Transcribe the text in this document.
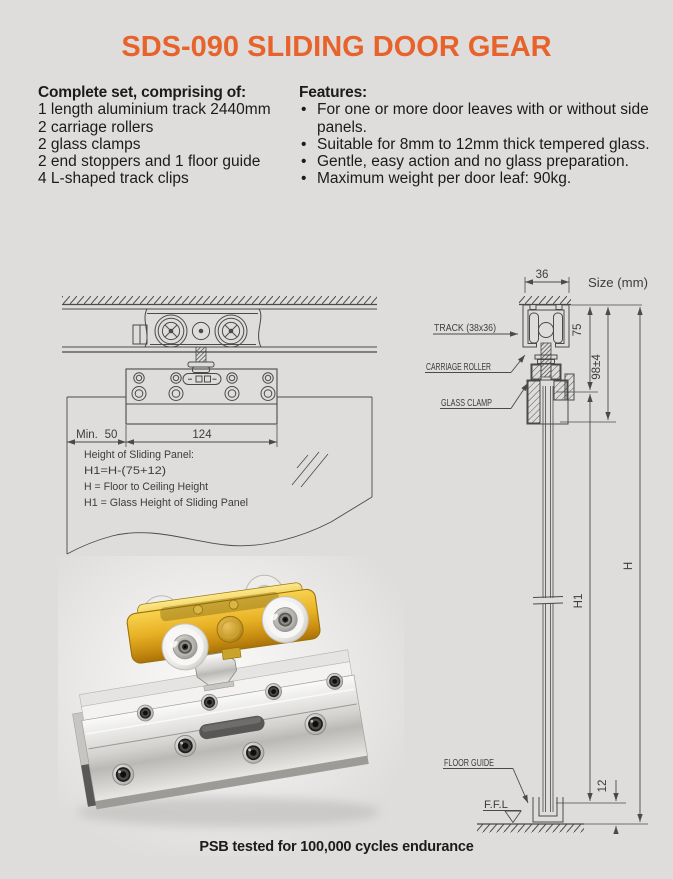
SDS-090 SLIDING DOOR GEAR
Complete set, comprising of:
1 length aluminium track 2440mm
2 carriage rollers
2 glass clamps
2 end stoppers and 1 floor guide
4 L-shaped track clips
Features:
• For one or more door leaves with or without side panels.
• Suitable for 8mm to 12mm thick tempered glass.
• Gentle, easy action and no glass preparation.
• Maximum weight per door leaf: 90kg.
Min. 50	124
Height of Sliding Panel:
H1=H-(75+12)
H = Floor to Ceiling Height
H1 = Glass Height of Sliding Panel
36
Size (mm)
75
98±4
H1
H
12
TRACK (38x36)
CARRIAGE ROLLER
GLASS CLAMP
FLOOR GUIDE
F.F.L
PSB tested for 100,000 cycles endurance
